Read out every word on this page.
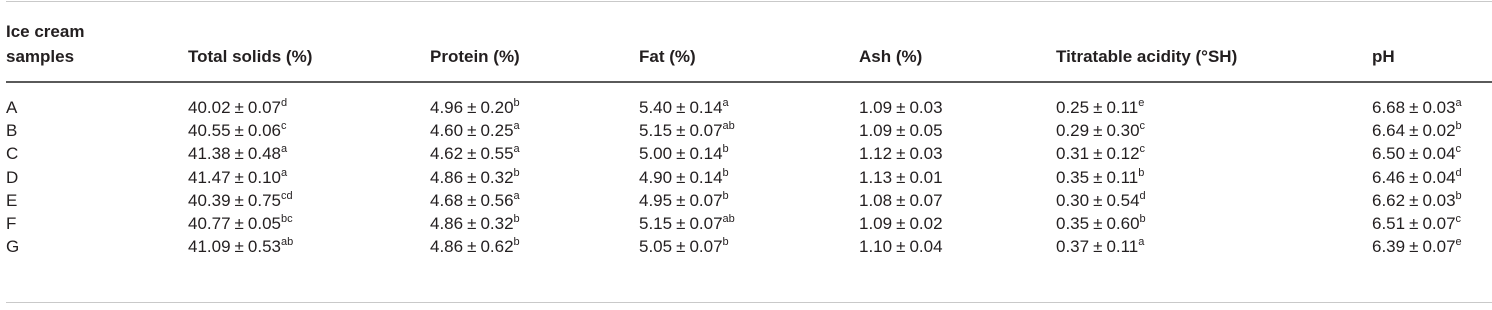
Ice cream
samples	Total solids (%)	Protein (%)	Fat (%)	Ash (%)	Titratable acidity (°SH)	pH
A	40.02 ± 0.07$^d$	4.96 ± 0.20$^b$	5.40 ± 0.14$^a$	1.09 ± 0.03	0.25 ± 0.11$^e$	6.68 ± 0.03$^a$
B	40.55 ± 0.06$^c$	4.60 ± 0.25$^a$	5.15 ± 0.07$^{ab}$	1.09 ± 0.05	0.29 ± 0.30$^c$	6.64 ± 0.02$^b$
C	41.38 ± 0.48$^a$	4.62 ± 0.55$^a$	5.00 ± 0.14$^b$	1.12 ± 0.03	0.31 ± 0.12$^c$	6.50 ± 0.04$^c$
D	41.47 ± 0.10$^a$	4.86 ± 0.32$^b$	4.90 ± 0.14$^b$	1.13 ± 0.01	0.35 ± 0.11$^b$	6.46 ± 0.04$^d$
E	40.39 ± 0.75$^{cd}$	4.68 ± 0.56$^a$	4.95 ± 0.07$^b$	1.08 ± 0.07	0.30 ± 0.54$^d$	6.62 ± 0.03$^b$
F	40.77 ± 0.05$^{bc}$	4.86 ± 0.32$^b$	5.15 ± 0.07$^{ab}$	1.09 ± 0.02	0.35 ± 0.60$^b$	6.51 ± 0.07$^c$
G	41.09 ± 0.53$^{ab}$	4.86 ± 0.62$^b$	5.05 ± 0.07$^b$	1.10 ± 0.04	0.37 ± 0.11$^a$	6.39 ± 0.07$^e$
